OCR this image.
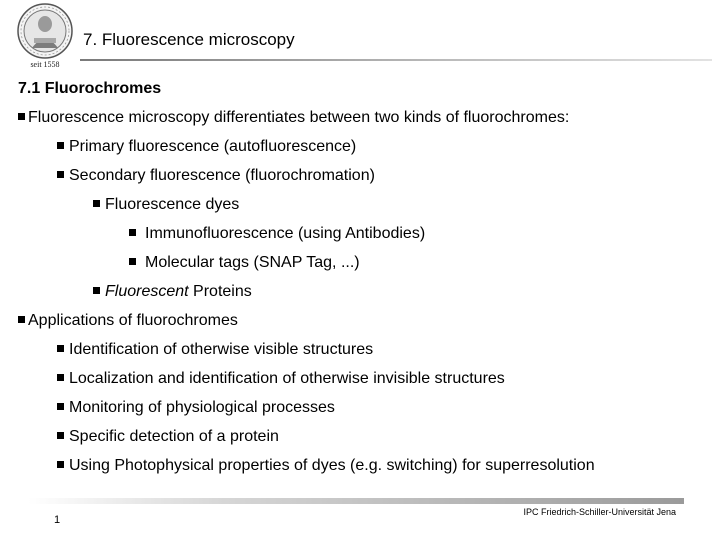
seit 1558
7. Fluorescence microscopy
7.1 Fluorochromes
Fluorescence microscopy differentiates between two kinds of fluorochromes:
Primary fluorescence (autofluorescence)
Secondary fluorescence (fluorochromation)
Fluorescence dyes
Immunofluorescence (using Antibodies)
Molecular tags (SNAP Tag, ...)
Fluorescent Proteins
Applications of fluorochromes
Identification of otherwise visible structures
Localization and identification of otherwise invisible structures
Monitoring of physiological processes
Specific detection of a protein
Using Photophysical properties of dyes (e.g. switching) for superresolution
IPC Friedrich-Schiller-Universität Jena
1
